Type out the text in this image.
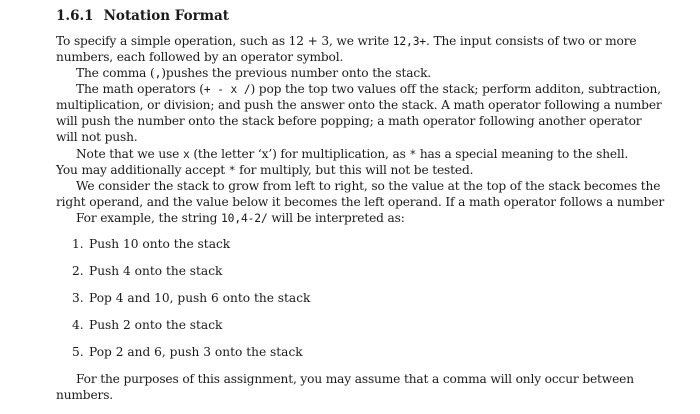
1.6.1 Notation Format
To specify a simple operation, such as 12 + 3, we write 12,3+. The input consists of two or more
numbers, each followed by an operator symbol.
The comma (,)pushes the previous number onto the stack.
The math operators (+ - x /) pop the top two values off the stack; perform additon, subtraction,
multiplication, or division; and push the answer onto the stack. A math operator following a number
will push the number onto the stack before popping; a math operator following another operator
will not push.
Note that we use x (the letter ‘x’) for multiplication, as * has a special meaning to the shell.
You may additionally accept * for multiply, but this will not be tested.
We consider the stack to grow from left to right, so the value at the top of the stack becomes the
right operand, and the value below it becomes the left operand. If a math operator follows a number
For example, the string 10,4-2/ will be interpreted as:
1. Push 10 onto the stack
2. Push 4 onto the stack
3. Pop 4 and 10, push 6 onto the stack
4. Push 2 onto the stack
5. Pop 2 and 6, push 3 onto the stack
For the purposes of this assignment, you may assume that a comma will only occur between
numbers.
